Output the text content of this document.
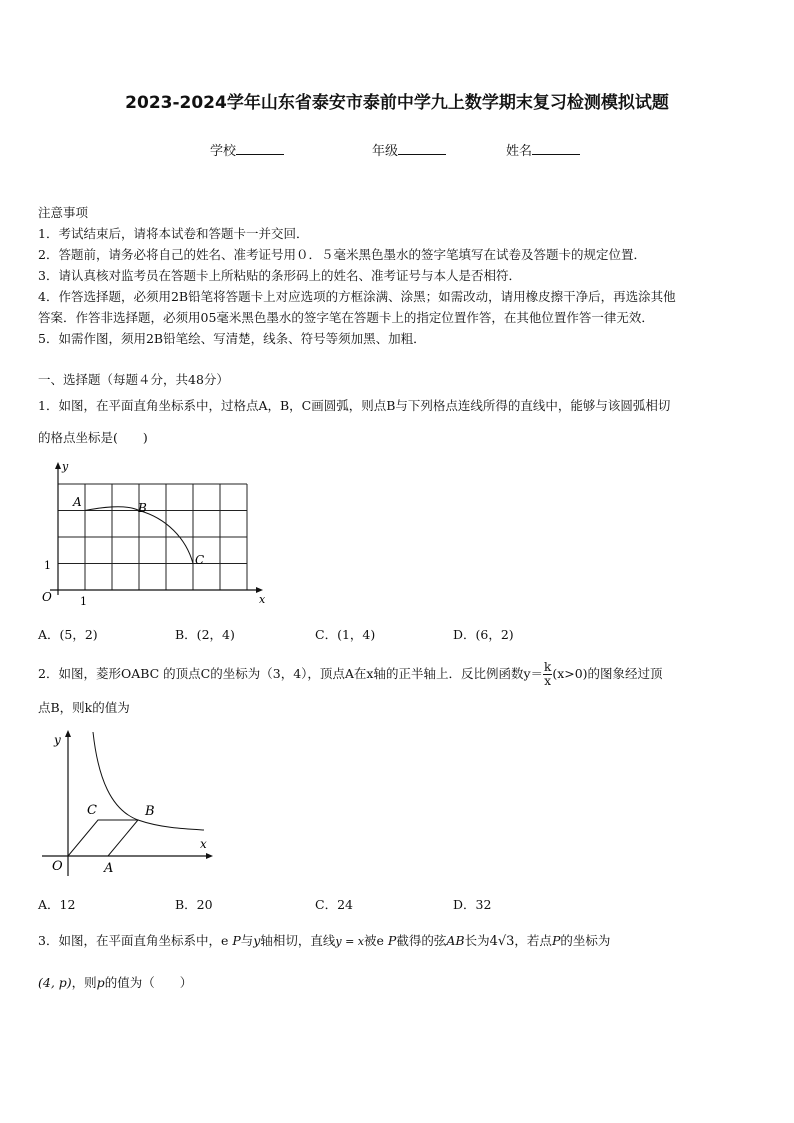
2023-2024学年山东省泰安市泰前中学九上数学期末复习检测模拟试题
学校	年级	姓名
注意事项
1．考试结束后，请将本试卷和答题卡一并交回．
2．答题前，请务必将自己的姓名、准考证号用０．５毫米黑色墨水的签字笔填写在试卷及答题卡的规定位置．
3．请认真核对监考员在答题卡上所粘贴的条形码上的姓名、准考证号与本人是否相符．
4．作答选择题，必须用2B铅笔将答题卡上对应选项的方框涂满、涂黑；如需改动，请用橡皮擦干净后，再选涂其他
答案．作答非选择题，必须用05毫米黑色墨水的签字笔在答题卡上的指定位置作答，在其他位置作答一律无效．
5．如需作图，须用2B铅笔绘、写清楚，线条、符号等须加黑、加粗．
一、选择题（每题４分，共48分）
1．如图，在平面直角坐标系中，过格点A，B，C画圆弧，则点B与下列格点连线所得的直线中，能够与该圆弧相切
的格点坐标是(　　)
y
x
O
A	B
C
1
1
A．(5，2)	B．(2，4)	C．(1，4)	D．(6，2)
2．如图，菱形OABC 的顶点C的坐标为（3，4），顶点A在x轴的正半轴上．反比例函数$y= \frac{k}{x} (x>0)$的图象经过顶
点B，则k的值为
y
x
O	A
B
C
A．12	B．20	C．24	D．32
3．如图，在平面直角坐标系中，e P与y轴相切，直线y = x被e P截得的弦AB长为4√3，若点P的坐标为
(4, p)，则p的值为（　　）
